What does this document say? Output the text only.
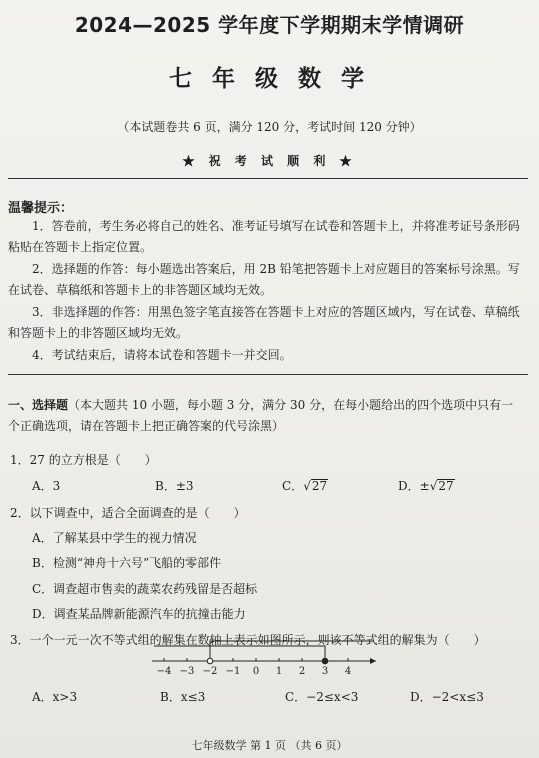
2024—2025 学年度下学期期末学情调研
七 年 级 数 学
（本试题卷共 6 页，满分 120 分，考试时间 120 分钟）
★ 祝 考 试 顺 利 ★
温馨提示：
1．答卷前，考生务必将自己的姓名、准考证号填写在试卷和答题卡上，并将准考证号条形码粘贴在答题卡上指定位置。
2．选择题的作答：每小题选出答案后，用 2B 铅笔把答题卡上对应题目的答案标号涂黑。写在试卷、草稿纸和答题卡上的非答题区域均无效。
3．非选择题的作答：用黑色签字笔直接答在答题卡上对应的答题区域内，写在试卷、草稿纸和答题卡上的非答题区域均无效。
4．考试结束后，请将本试卷和答题卡一并交回。
一、选择题（本大题共 10 小题，每小题 3 分，满分 30 分，在每小题给出的四个选项中只有一个正确选项，请在答题卡上把正确答案的代号涂黑）
1．27 的立方根是（　　）
A．3	B．±3	C．√27	D．±√27
2．以下调查中，适合全面调查的是（　　）
A．了解某县中学生的视力情况
B．检测“神舟十六号”飞船的零部件
C．调查超市售卖的蔬菜农药残留是否超标
D．调查某品牌新能源汽车的抗撞击能力
3．一个一元一次不等式组的解集在数轴上表示如图所示，则该不等式组的解集为（　　）
−4 −3 −2 −1 0 1 2 3 4
A．x>3	B．x≤3	C．−2≤x<3	D．−2<x≤3
七年级数学 第 1 页 （共 6 页）
